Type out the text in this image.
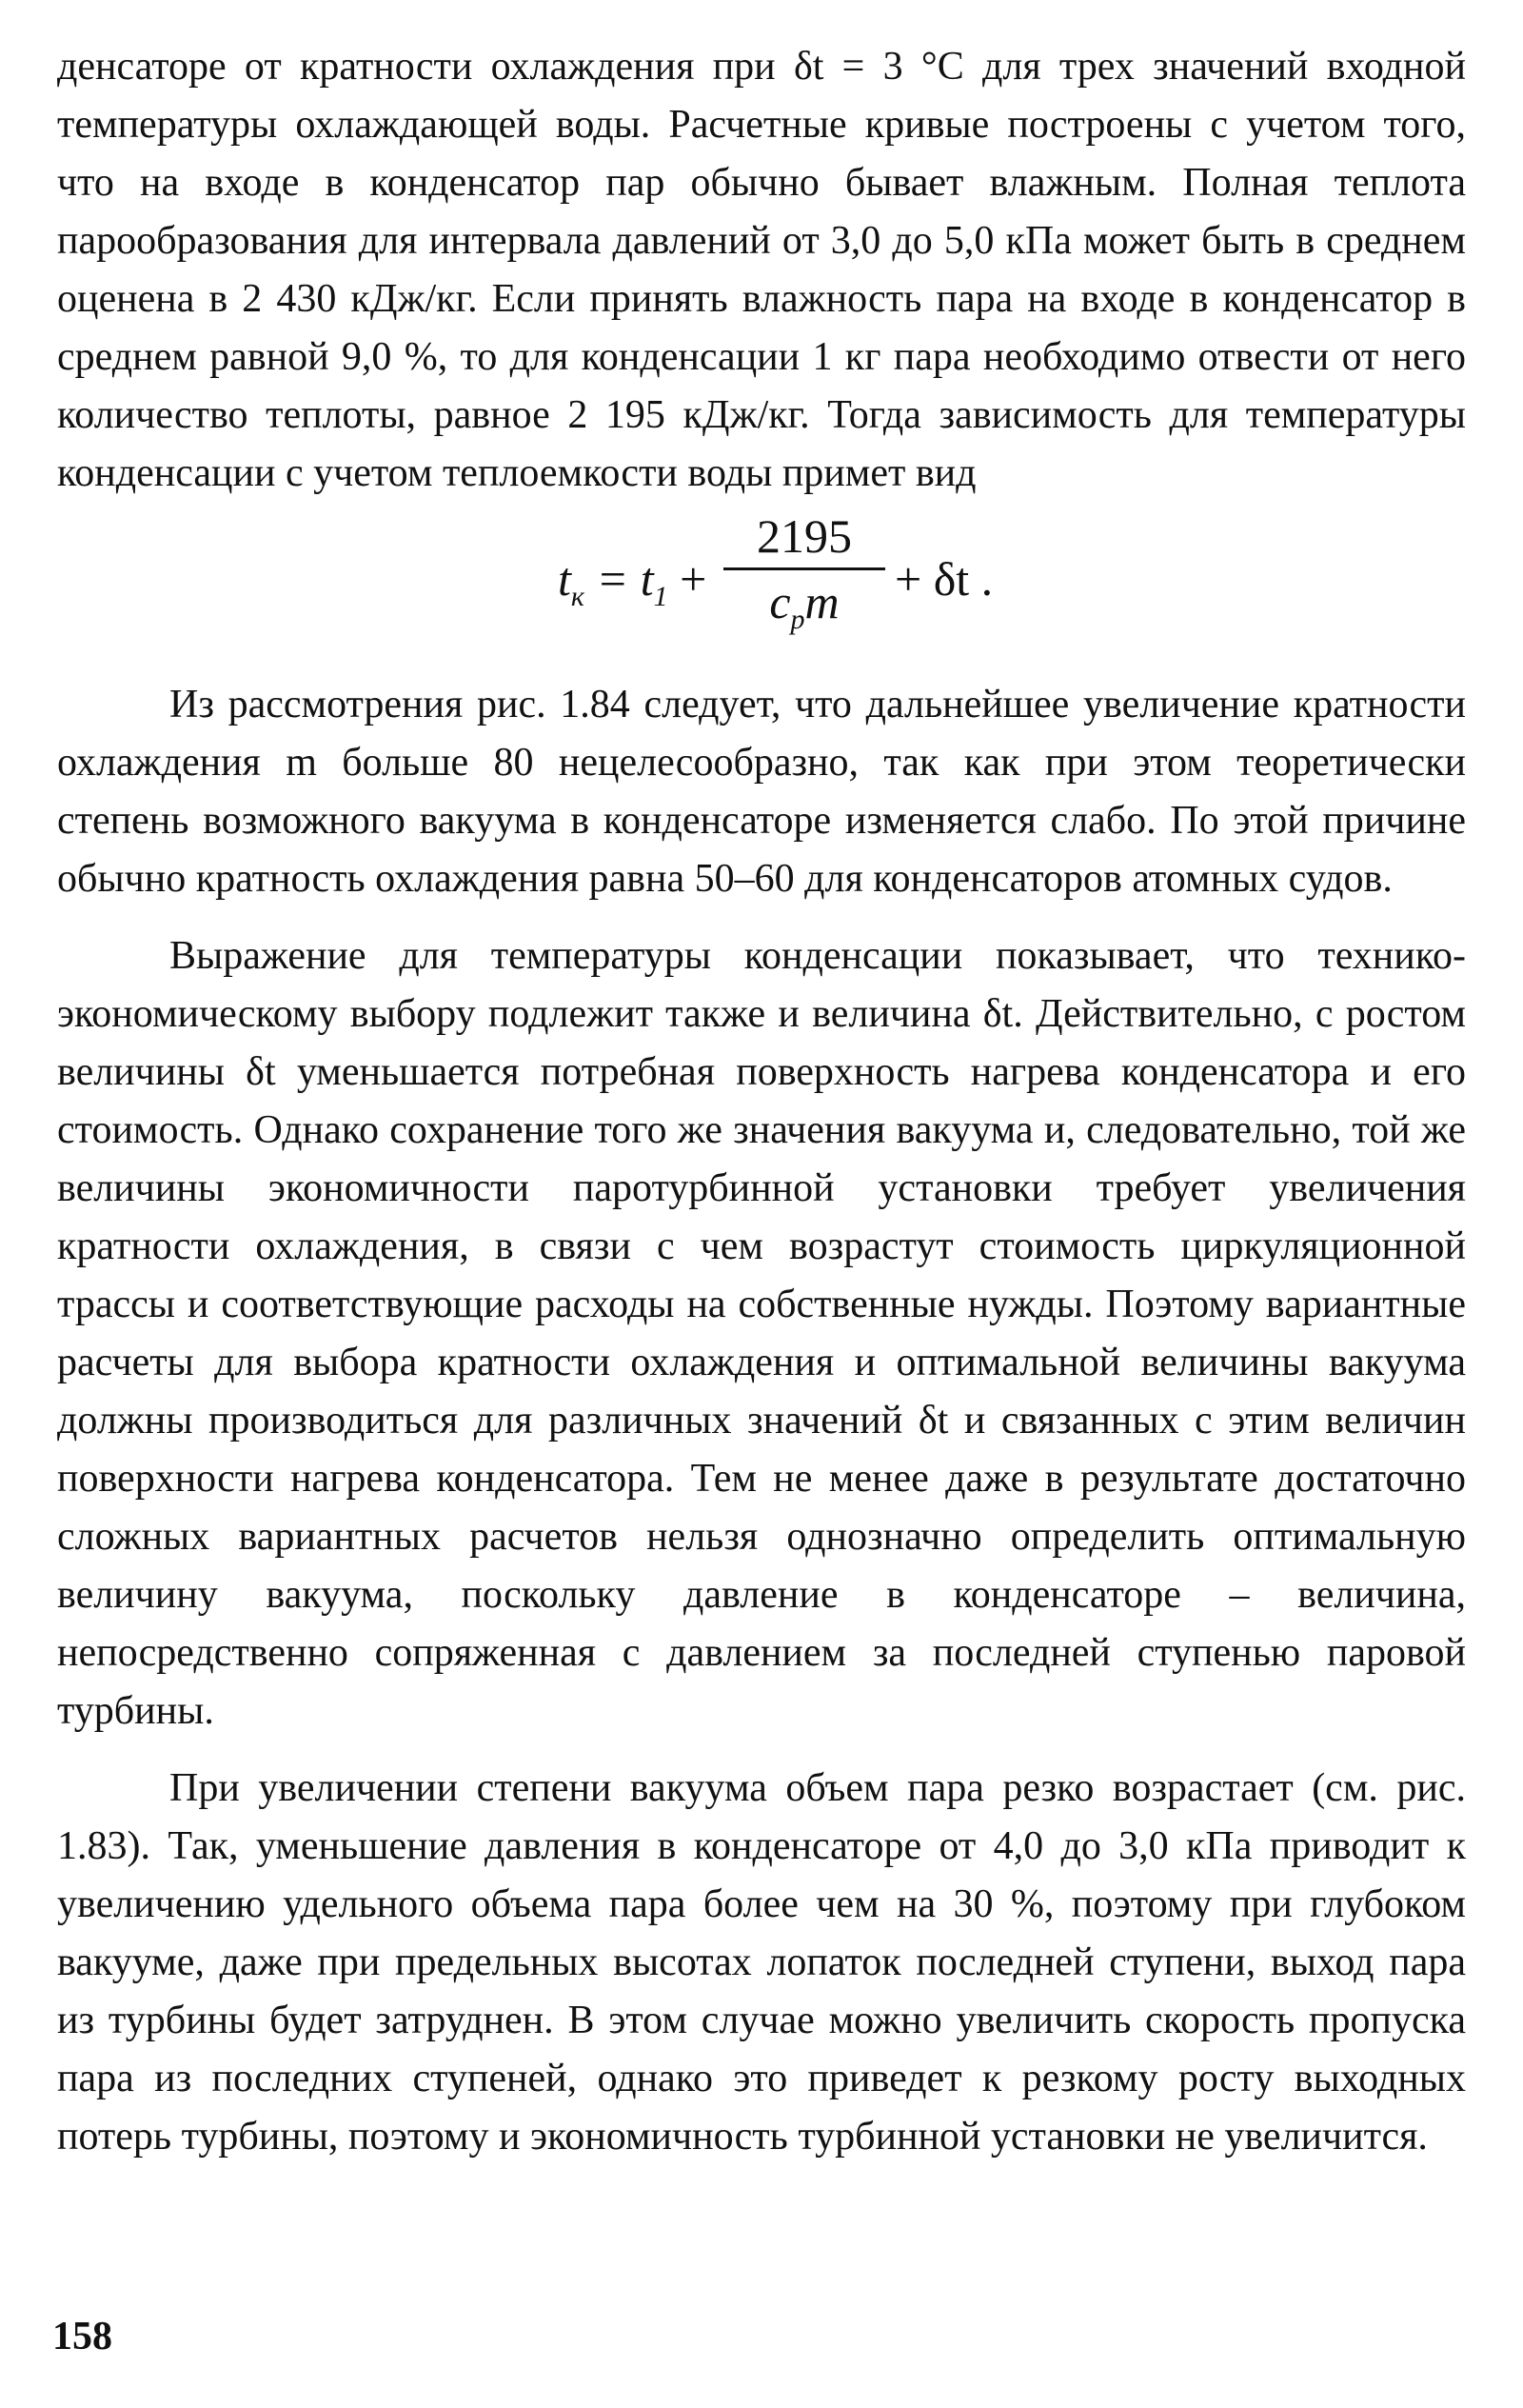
денсаторе от кратности охлаждения при δt = 3 °С для трех значений входной температуры охлаждающей воды. Расчетные кривые построены с учетом того, что на входе в конденсатор пар обычно бывает влажным. Полная теплота парообразования для интервала давлений от 3,0 до 5,0 кПа может быть в среднем оценена в 2 430 кДж/кг. Если принять влажность пара на входе в конденсатор в среднем равной 9,0 %, то для конденсации 1 кг пара необходимо отвести от него количество теплоты, равное 2 195 кДж/кг. Тогда зависимость для температуры конденсации с учетом теплоемкости воды примет вид

$t_к = t_1$ +
2195
$c_pm$	+ δt .

Из рассмотрения рис. 1.84 следует, что дальнейшее увеличение кратности охлаждения m больше 80 нецелесообразно, так как при этом теоретически степень возможного вакуума в конденсаторе изменяется слабо. По этой причине обычно кратность охлаждения равна 50–60 для конденсаторов атомных судов.

Выражение для температуры конденсации показывает, что технико-экономическому выбору подлежит также и величина δt. Действительно, с ростом величины δt уменьшается потребная поверхность нагрева конденсатора и его стоимость. Однако сохранение того же значения вакуума и, следовательно, той же величины экономичности паротурбинной установки требует увеличения кратности охлаждения, в связи с чем возрастут стоимость циркуляционной трассы и соответствующие расходы на собственные нужды. Поэтому вариантные расчеты для выбора кратности охлаждения и оптимальной величины вакуума должны производиться для различных значений δt и связанных с этим величин поверхности нагрева конденсатора. Тем не менее даже в результате достаточно сложных вариантных расчетов нельзя однозначно определить оптимальную величину вакуума, поскольку давление в конденсаторе – величина, непосредственно сопряженная с давлением за последней ступенью паровой турбины.

При увеличении степени вакуума объем пара резко возрастает (см. рис. 1.83). Так, уменьшение давления в конденсаторе от 4,0 до 3,0 кПа приводит к увеличению удельного объема пара более чем на 30 %, поэтому при глубоком вакууме, даже при предельных высотах лопаток последней ступени, выход пара из турбины будет затруднен. В этом случае можно увеличить скорость пропуска пара из последних ступеней, однако это приведет к резкому росту выходных потерь турбины, поэтому и экономичность турбинной установки не увеличится.

158
